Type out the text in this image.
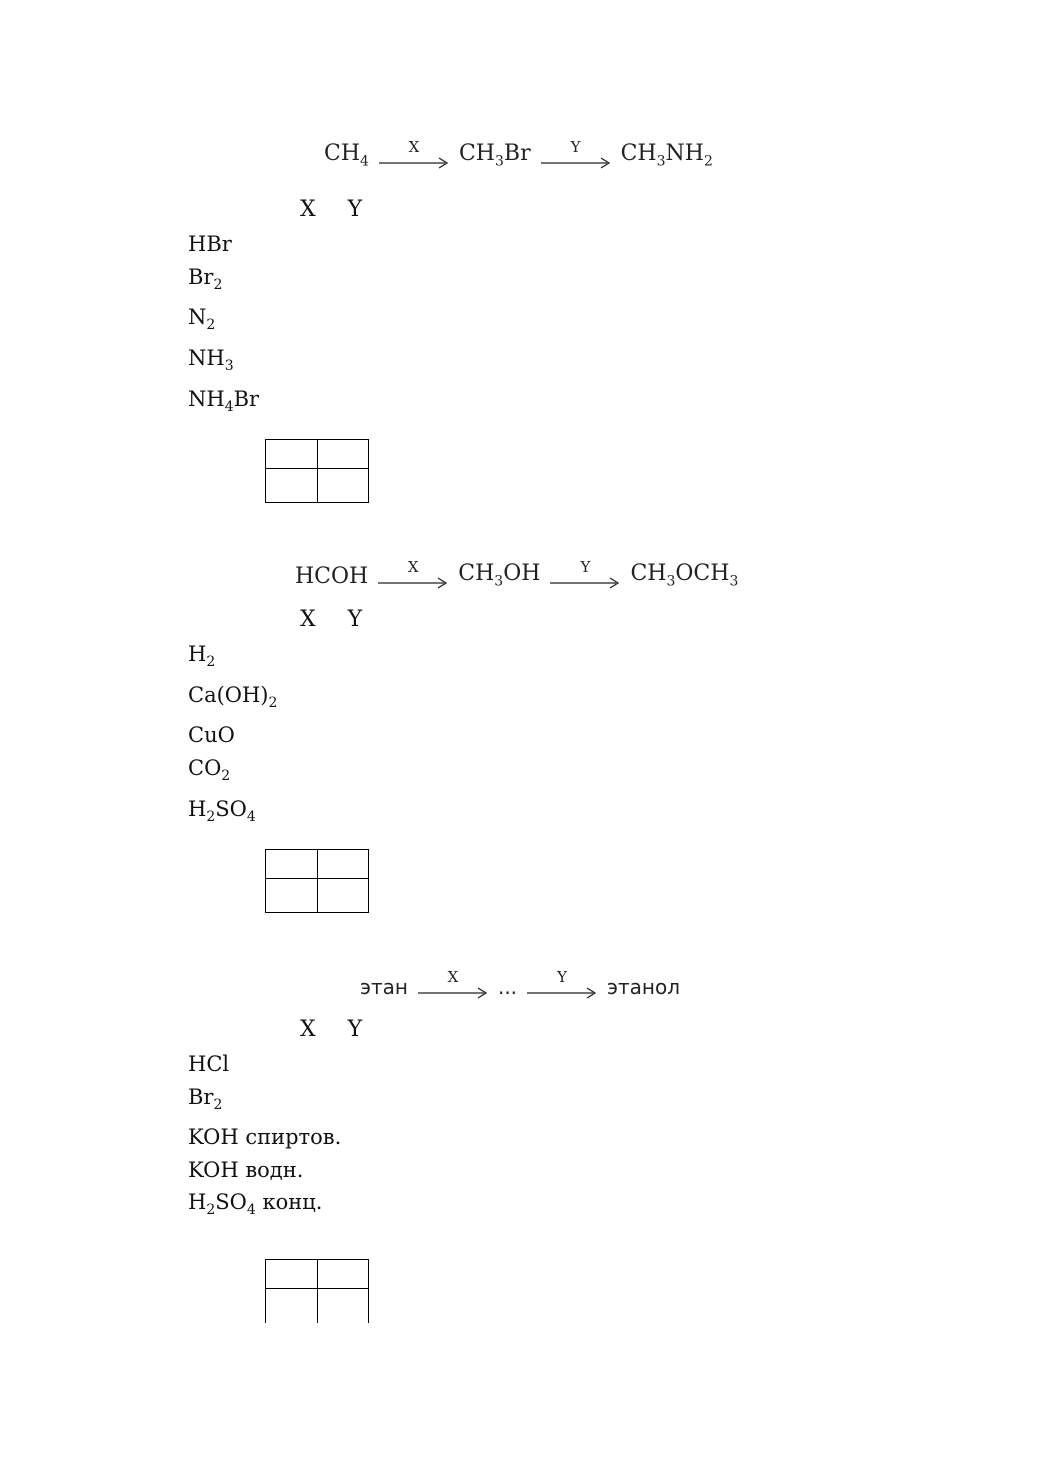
$CH_4$
X $CH_3Br$	Y $CH_3NH_2$
X Y
HBr
$Br_2$
$N_2$
$NH_3$
$NH_4Br$
HCOH	X $CH_3OH$	Y $CH_3OCH_3$
X Y
$H_2$
$Ca(OH)_2$
CuO
$CO_2$
$H_2SO_4$
этан	X ...	Y этанол
X Y
HCl
$Br_2$
KOH спиртов.
KOH водн.
$H_2SO_4$ конц.
